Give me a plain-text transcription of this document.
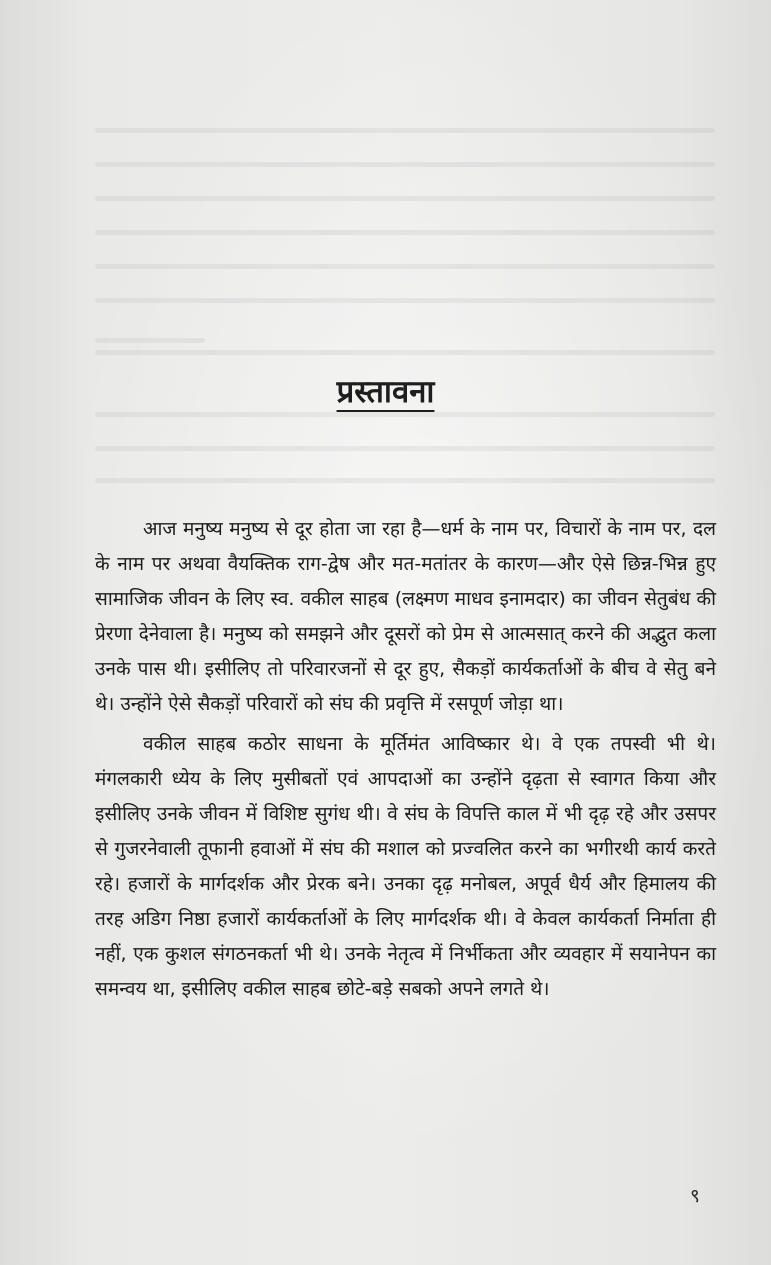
प्रस्तावना

आज मनुष्य मनुष्य से दूर होता जा रहा है—धर्म के नाम पर, विचारों के नाम पर, दल के नाम पर अथवा वैयक्तिक राग-द्वेष और मत-मतांतर के कारण—और ऐसे छिन्न-भिन्न हुए सामाजिक जीवन के लिए स्व. वकील साहब (लक्ष्मण माधव इनामदार) का जीवन सेतुबंध की प्रेरणा देनेवाला है। मनुष्य को समझने और दूसरों को प्रेम से आत्मसात् करने की अद्भुत कला उनके पास थी। इसीलिए तो परिवारजनों से दूर हुए, सैकड़ों कार्यकर्ताओं के बीच वे सेतु बने थे। उन्होंने ऐसे सैकड़ों परिवारों को संघ की प्रवृत्ति में रसपूर्ण जोड़ा था।

वकील साहब कठोर साधना के मूर्तिमंत आविष्कार थे। वे एक तपस्वी भी थे। मंगलकारी ध्येय के लिए मुसीबतों एवं आपदाओं का उन्होंने दृढ़ता से स्वागत किया और इसीलिए उनके जीवन में विशिष्ट सुगंध थी। वे संघ के विपत्ति काल में भी दृढ़ रहे और उसपर से गुजरनेवाली तूफानी हवाओं में संघ की मशाल को प्रज्वलित करने का भगीरथी कार्य करते रहे। हजारों के मार्गदर्शक और प्रेरक बने। उनका दृढ़ मनोबल, अपूर्व धैर्य और हिमालय की तरह अडिग निष्ठा हजारों कार्यकर्ताओं के लिए मार्गदर्शक थी। वे केवल कार्यकर्ता निर्माता ही नहीं, एक कुशल संगठनकर्ता भी थे। उनके नेतृत्व में निर्भीकता और व्यवहार में सयानेपन का समन्वय था, इसीलिए वकील साहब छोटे-बड़े सबको अपने लगते थे।

९
